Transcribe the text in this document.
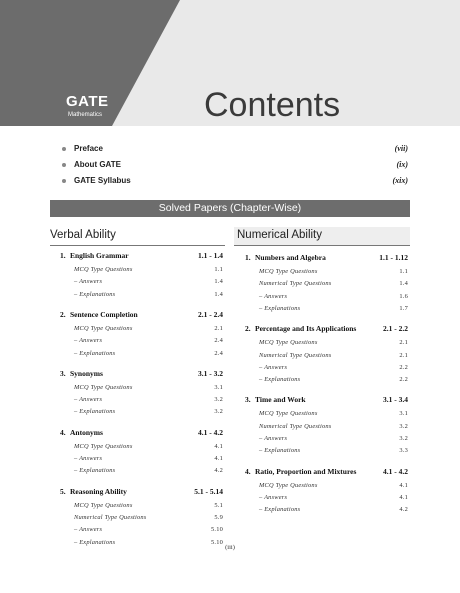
GATE
Mathematics	Contents
Preface	(vii)
About GATE	(ix)
GATE Syllabus	(xix)
Solved Papers (Chapter-Wise)
Verbal Ability	Numerical Ability
1. English Grammar	1.1 - 1.4
MCQ Type Questions	1.1
– Answers	1.4
– Explanations	1.4
2. Sentence Completion	2.1 - 2.4
MCQ Type Questions	2.1
– Answers	2.4
– Explanations	2.4
3. Synonyms	3.1 - 3.2
MCQ Type Questions	3.1
– Answers	3.2
– Explanations	3.2
4. Antonyms	4.1 - 4.2
MCQ Type Questions	4.1
– Answers	4.1
– Explanations	4.2
5. Reasoning Ability	5.1 - 5.14
MCQ Type Questions	5.1
Numerical Type Questions	5.9
– Answers	5.10
– Explanations	5.10
1. Numbers and Algebra	1.1 - 1.12
MCQ Type Questions	1.1
Numerical Type Questions	1.4
– Answers	1.6
– Explanations	1.7
2. Percentage and Its Applications	2.1 - 2.2
MCQ Type Questions	2.1
Numerical Type Questions	2.1
– Answers	2.2
– Explanations	2.2
3. Time and Work	3.1 - 3.4
MCQ Type Questions	3.1
Numerical Type Questions	3.2
– Answers	3.2
– Explanations	3.3
4. Ratio, Proportion and Mixtures	4.1 - 4.2
MCQ Type Questions	4.1
– Answers	4.1
– Explanations	4.2
(iii)
